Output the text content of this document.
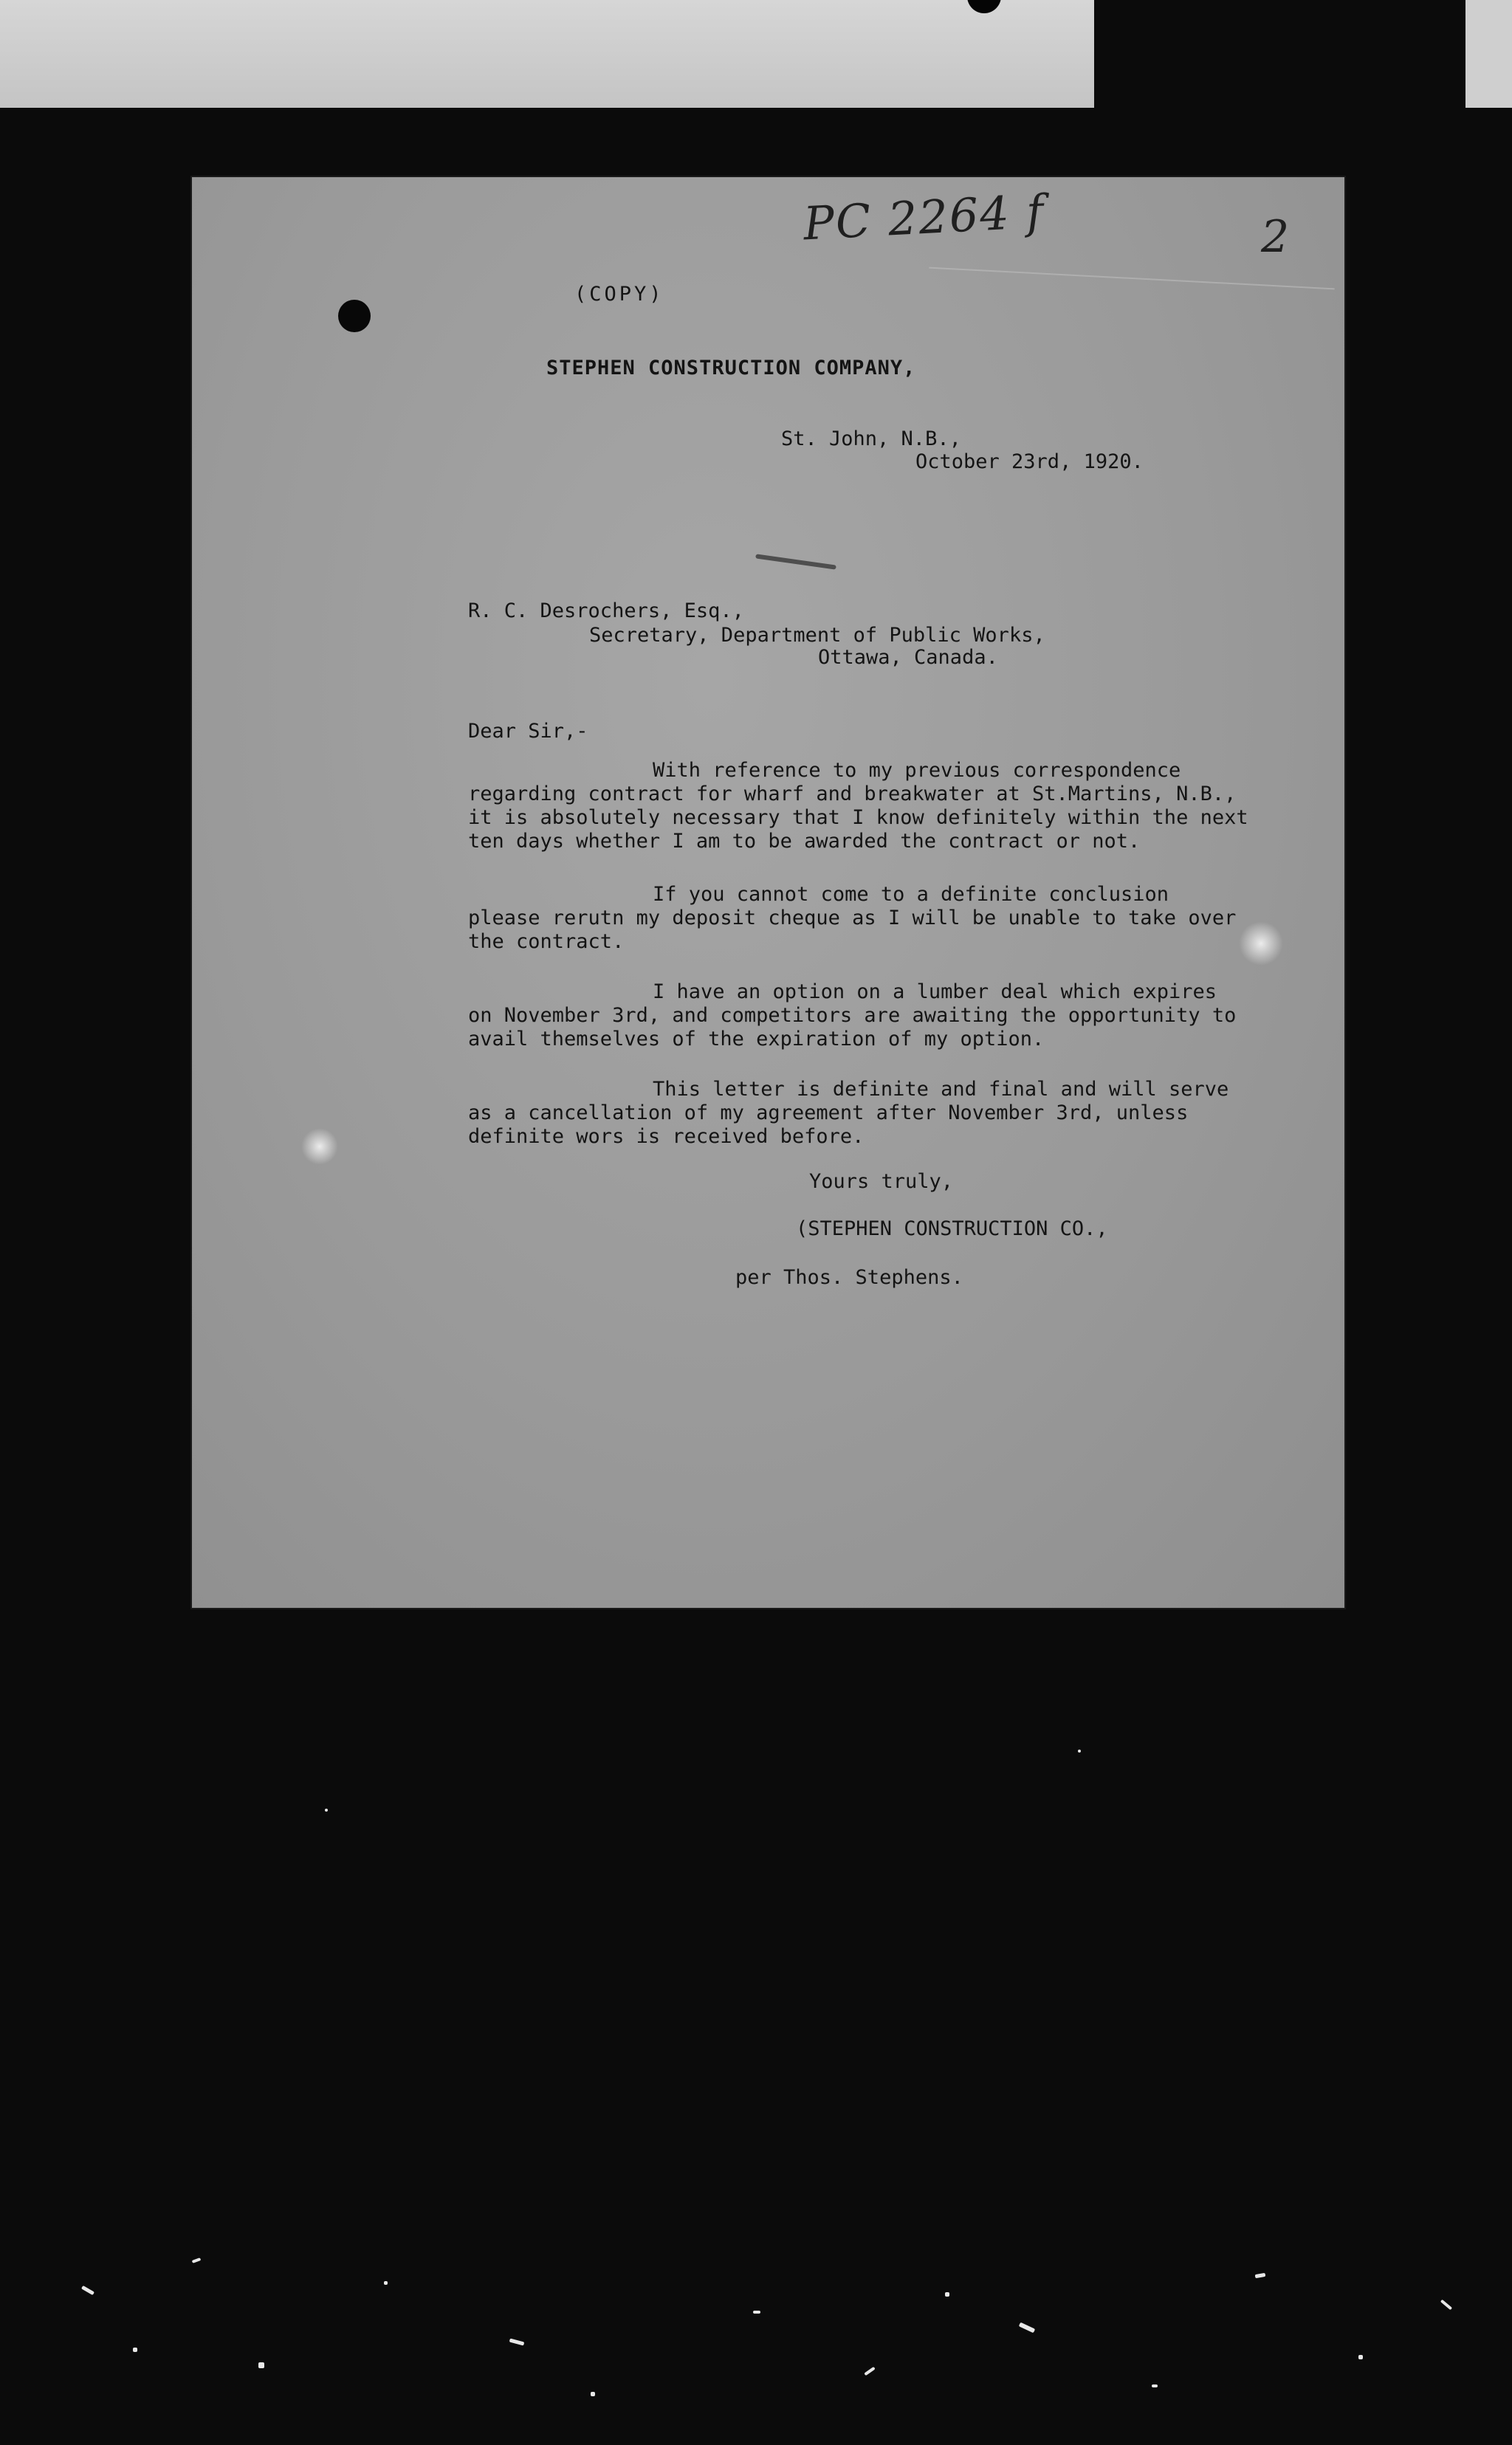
PC 2264 f	2
(COPY)
STEPHEN CONSTRUCTION COMPANY,
St. John, N.B.,
October 23rd, 1920.
R. C. Desrochers, Esq.,
Secretary, Department of Public Works,
Ottawa, Canada.
Dear Sir,-

With reference to my previous correspondence regarding contract for wharf and breakwater at St.Martins, N.B., it is absolutely necessary that I know definitely within the next ten days whether I am to be awarded the contract or not.

If you cannot come to a definite conclusion please rerutn my deposit cheque as I will be unable to take over the contract.

I have an option on a lumber deal which expires on November 3rd, and competitors are awaiting the opportunity to avail themselves of the expiration of my option.

This letter is definite and final and will serve as a cancellation of my agreement after November 3rd, unless definite wors is received before.

Yours truly,
(STEPHEN CONSTRUCTION CO.,
per Thos. Stephens.
